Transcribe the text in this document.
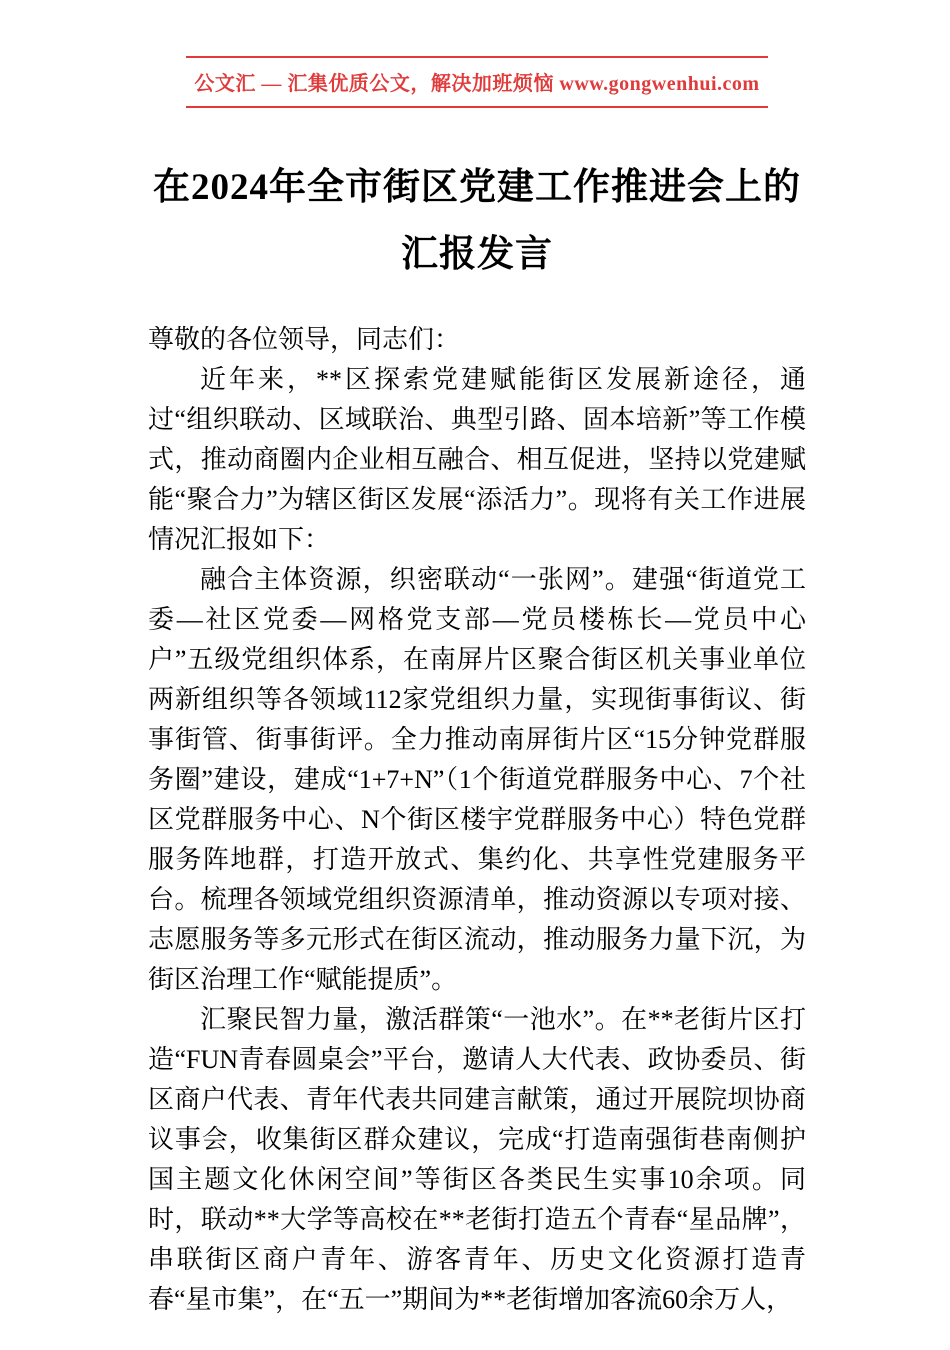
公文汇 — 汇集优质公文，解决加班烦恼 www.gongwenhui.com
在2024年全市街区党建工作推进会上的汇报发言

尊敬的各位领导，同志们：

近年来，**区探索党建赋能街区发展新途径，通过“组织联动、区域联治、典型引路、固本培新”等工作模式，推动商圈内企业相互融合、相互促进，坚持以党建赋能“聚合力”为辖区街区发展“添活力”。现将有关工作进展情况汇报如下：

融合主体资源，织密联动“一张网”。建强“街道党工委—社区党委—网格党支部—党员楼栋长—党员中心户”五级党组织体系，在南屏片区聚合街区机关事业单位两新组织等各领域112家党组织力量，实现街事街议、街事街管、街事街评。全力推动南屏街片区“15分钟党群服务圈”建设，建成“1+7+N”（1个街道党群服务中心、7个社区党群服务中心、N个街区楼宇党群服务中心）特色党群服务阵地群，打造开放式、集约化、共享性党建服务平台。梳理各领域党组织资源清单，推动资源以专项对接、志愿服务等多元形式在街区流动，推动服务力量下沉，为街区治理工作“赋能提质”。

汇聚民智力量，激活群策“一池水”。在**老街片区打造“FUN青春圆桌会”平台，邀请人大代表、政协委员、街区商户代表、青年代表共同建言献策，通过开展院坝协商议事会，收集街区群众建议，完成“打造南强街巷南侧护国主题文化休闲空间”等街区各类民生实事10余项。同时，联动**大学等高校在**老街打造五个青春“星品牌”，串联街区商户青年、游客青年、历史文化资源打造青春“星市集”，在“五一”期间为**老街增加客流60余万人，
